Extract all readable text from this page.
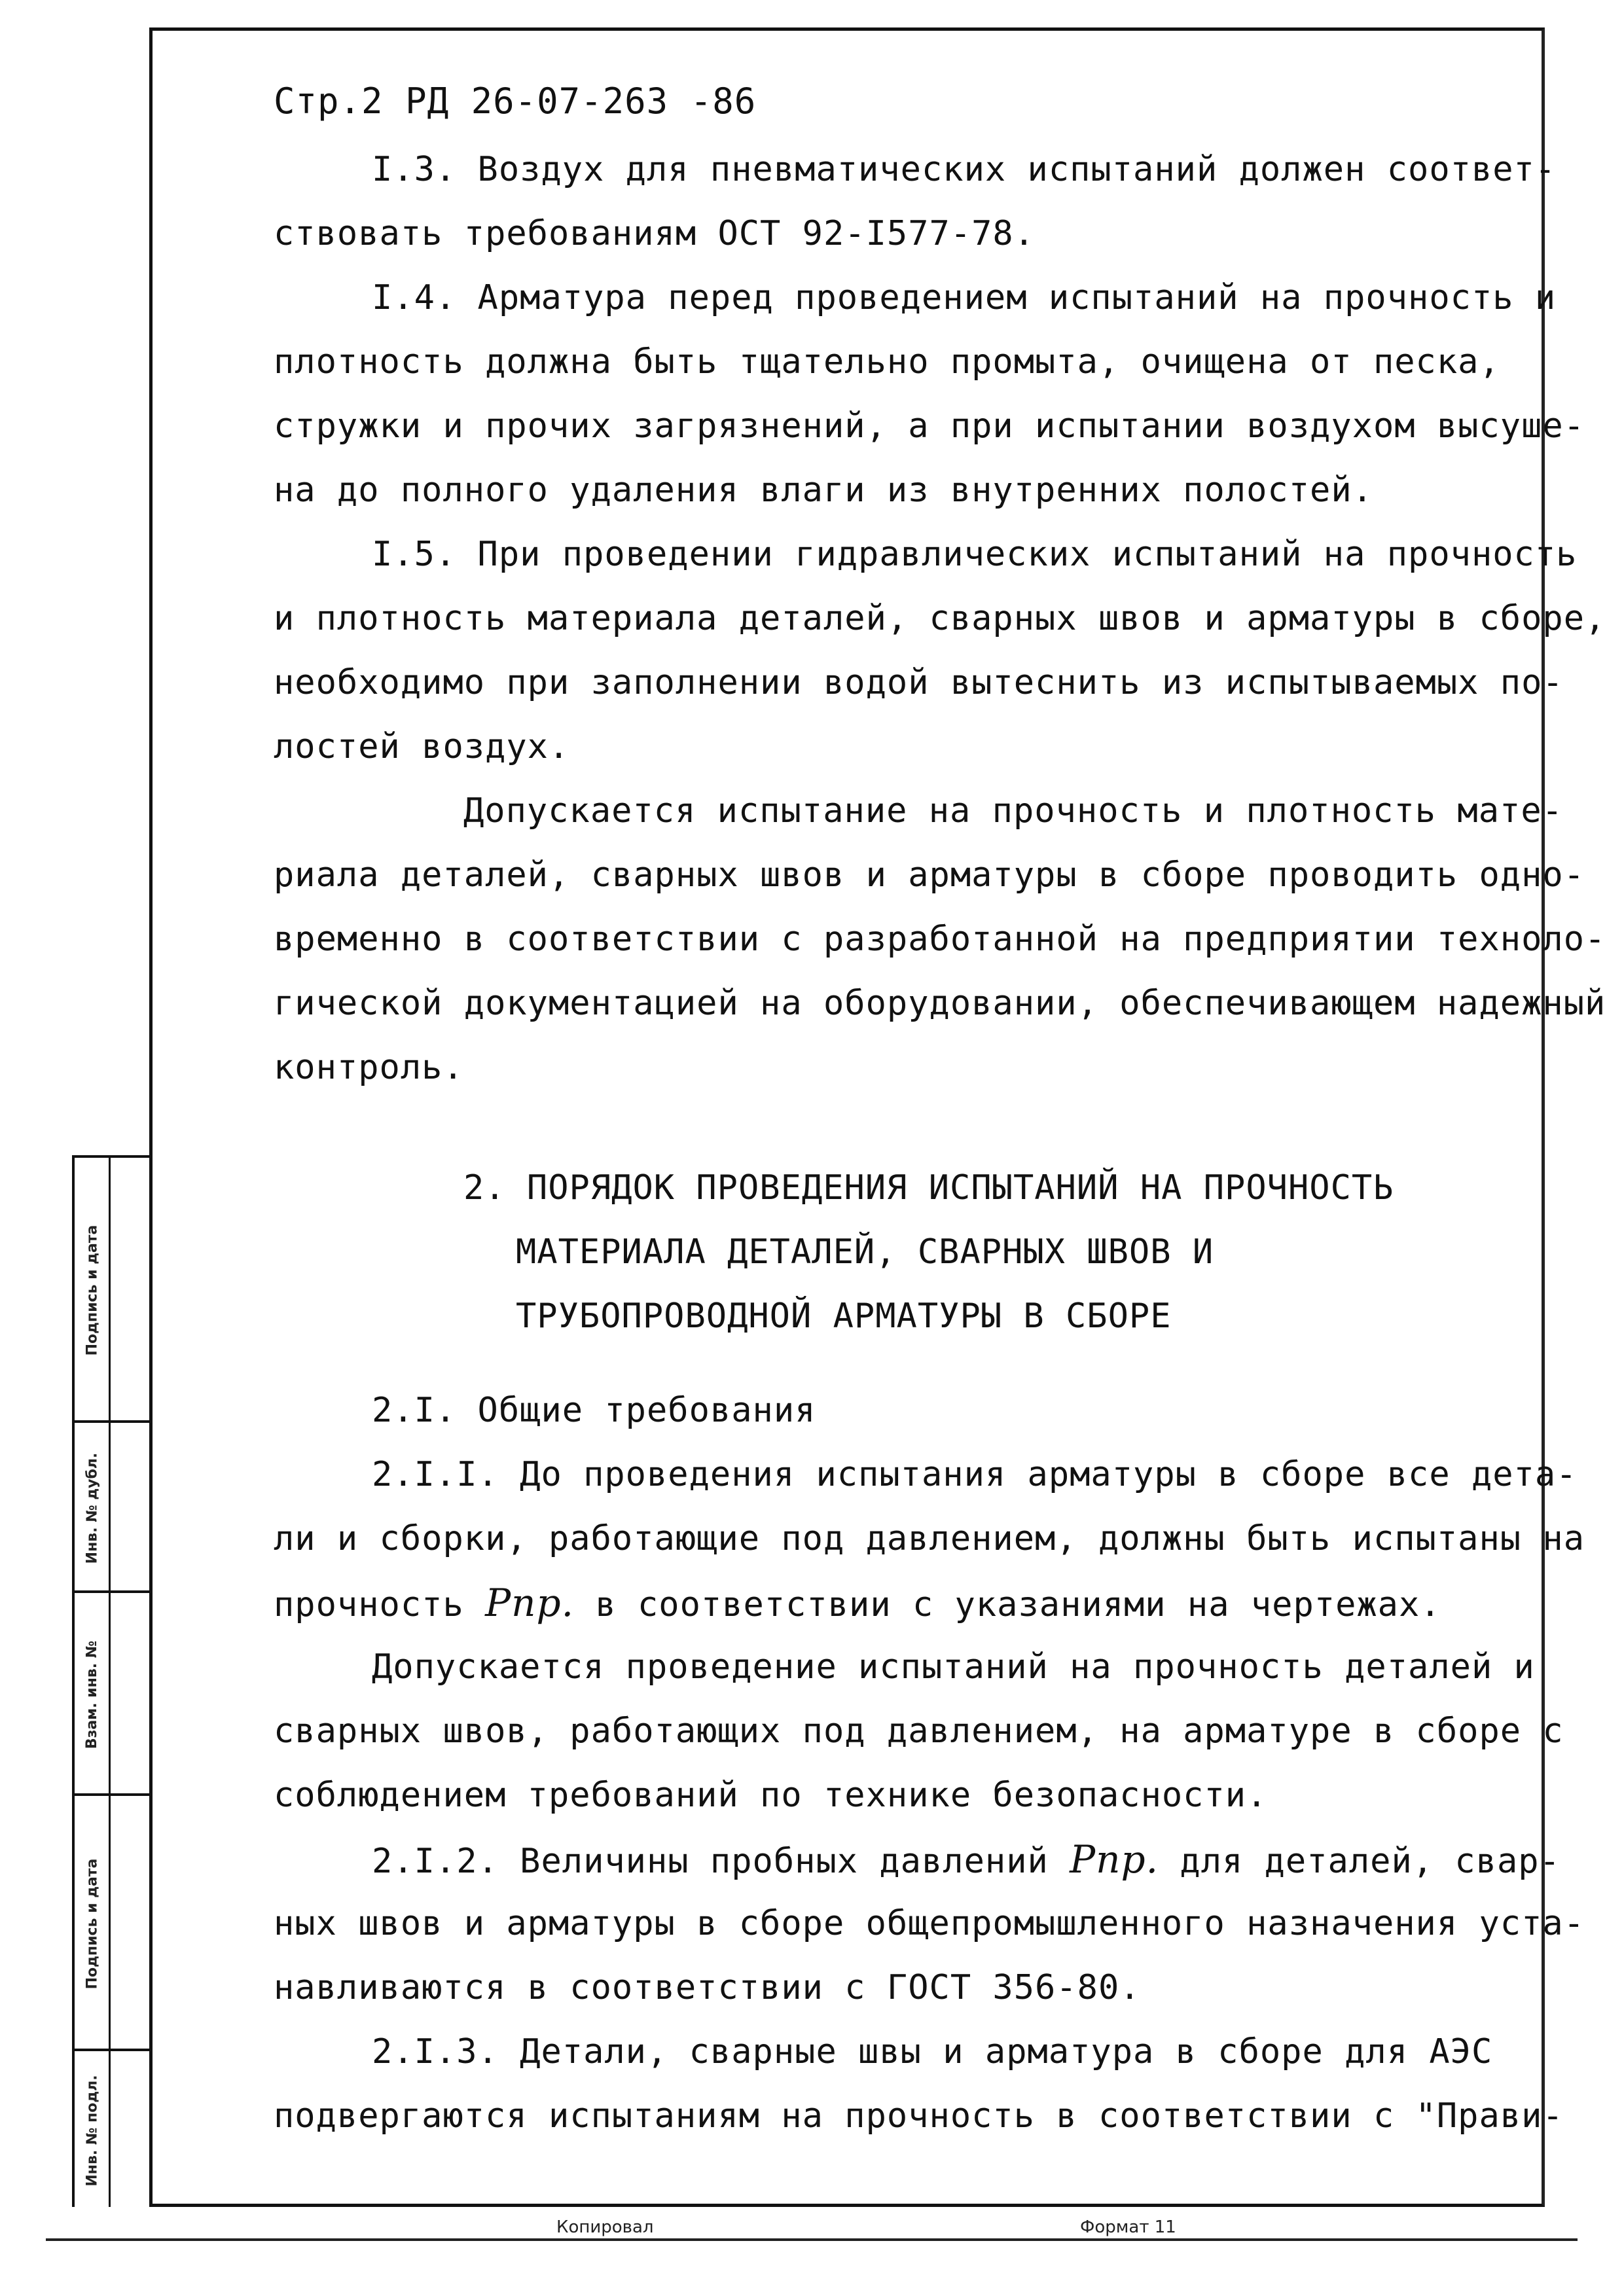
Подпись и дата
Инв. № дубл.
Взам. инв. №
Подпись и дата
Инв. № подл.
Стр.2 РД 26-07-263 -86
I.3. Воздух для пневматических испытаний должен соответ-
ствовать требованиям ОСТ 92-I577-78.
I.4. Арматура перед проведением испытаний на прочность и
плотность должна быть тщательно промыта, очищена от песка,
стружки и прочих загрязнений, а при испытании воздухом высуше-
на до полного удаления влаги из внутренних полостей.
I.5. При проведении гидравлических испытаний на прочность
и плотность материала деталей, сварных швов и арматуры в сборе,
необходимо при заполнении водой вытеснить из испытываемых по-
лостей воздух.
Допускается испытание на прочность и плотность мате-
риала деталей, сварных швов и арматуры в сборе проводить одно-
временно в соответствии с разработанной на предприятии техноло-
гической документацией на оборудовании, обеспечивающем надежный
контроль.
2. ПОРЯДОК ПРОВЕДЕНИЯ ИСПЫТАНИЙ НА ПРОЧНОСТЬ
МАТЕРИАЛА ДЕТАЛЕЙ, СВАРНЫХ ШВОВ И
ТРУБОПРОВОДНОЙ АРМАТУРЫ В СБОРЕ
2.I. Общие требования
2.I.I. До проведения испытания арматуры в сборе все дета-
ли и сборки, работающие под давлением, должны быть испытаны на
прочность Pпр. в соответствии с указаниями на чертежах.
Допускается проведение испытаний на прочность деталей и
сварных швов, работающих под давлением, на арматуре в сборе с
соблюдением требований по технике безопасности.
2.I.2. Величины пробных давлений Pпр. для деталей, свар-
ных швов и арматуры в сборе общепромышленного назначения уста-
навливаются в соответствии с ГОСТ 356-80.
2.I.3. Детали, сварные швы и арматура в сборе для АЭС
подвергаются испытаниям на прочность в соответствии с "Прави-
Копировал	Формат 11
